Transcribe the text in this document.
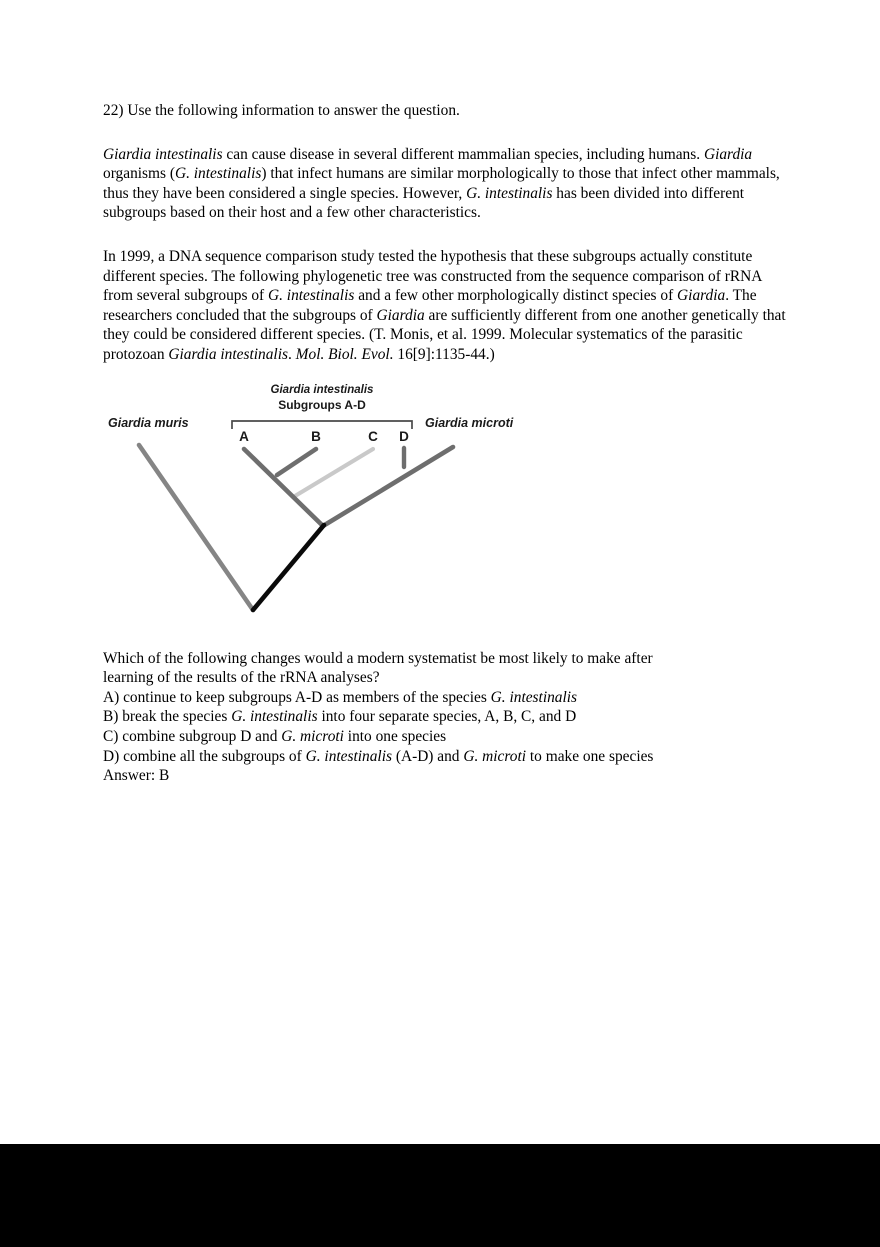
22) Use the following information to answer the question.

Giardia intestinalis can cause disease in several different mammalian species, including humans. Giardia organisms (G. intestinalis) that infect humans are similar morphologically to those that infect other mammals, thus they have been considered a single species. However, G. intestinalis has been divided into different subgroups based on their host and a few other characteristics.

In 1999, a DNA sequence comparison study tested the hypothesis that these subgroups actually constitute different species. The following phylogenetic tree was constructed from the sequence comparison of rRNA from several subgroups of G. intestinalis and a few other morphologically distinct species of Giardia. The researchers concluded that the subgroups of Giardia are sufficiently different from one another genetically that they could be considered different species. (T. Monis, et al. 1999. Molecular systematics of the parasitic protozoan Giardia intestinalis. Mol. Biol. Evol. 16[9]:1135-44.)

Giardia intestinalis
Subgroups A-D
A	B	C D
Giardia muris	Giardia microti

Which of the following changes would a modern systematist be most likely to make after

learning of the results of the rRNA analyses?

A) continue to keep subgroups A-D as members of the species G. intestinalis

B) break the species G. intestinalis into four separate species, A, B, C, and D

C) combine subgroup D and G. microti into one species

D) combine all the subgroups of G. intestinalis (A-D) and G. microti to make one species

Answer: B
